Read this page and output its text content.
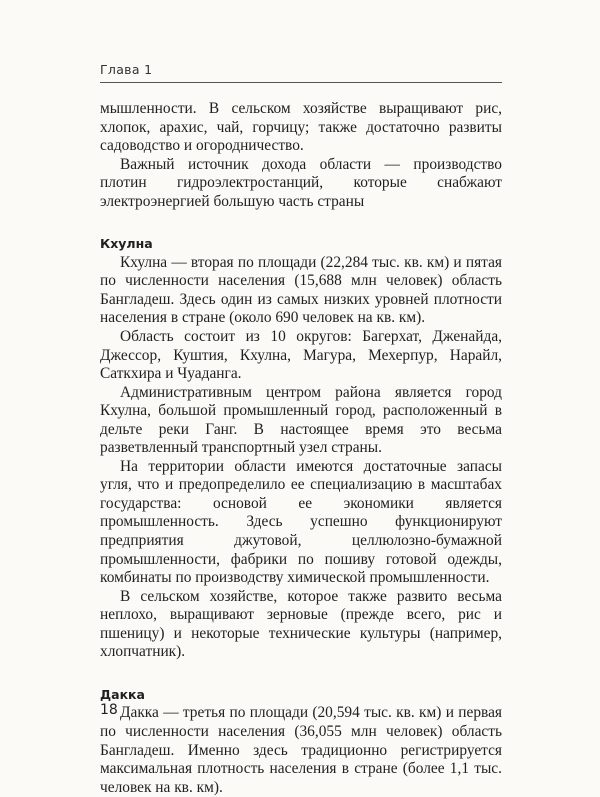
Глава 1

мышленности. В сельском хозяйстве выращивают рис, хлопок, арахис, чай, горчицу; также достаточно развиты садоводство и огородничество.

Важный источник дохода области — производство плотин гидроэлектростанций, которые снабжают электроэнергией большую часть страны

Кхулна

Кхулна — вторая по площади (22,284 тыс. кв. км) и пятая по численности населения (15,688 млн человек) область Бангладеш. Здесь один из самых низких уровней плотности населения в стране (около 690 человек на кв. км).

Область состоит из 10 округов: Багерхат, Дженайда, Джессор, Куштия, Кхулна, Магура, Мехерпур, Нарайл, Саткхира и Чуаданга.

Административным центром района является город Кхулна, большой промышленный город, расположенный в дельте реки Ганг. В настоящее время это весьма разветвленный транспортный узел страны.

На территории области имеются достаточные запасы угля, что и предопределило ее специализацию в масштабах государства: основой ее экономики является промышленность. Здесь успешно функционируют предприятия джутовой, целлюлозно-бумажной промышленности, фабрики по пошиву готовой одежды, комбинаты по производству химической промышленности.

В сельском хозяйстве, которое также развито весьма неплохо, выращивают зерновые (прежде всего, рис и пшеницу) и некоторые технические культуры (например, хлопчатник).

Дакка

Дакка — третья по площади (20,594 тыс. кв. км) и первая по численности населения (36,055 млн человек) область Бангладеш. Именно здесь традиционно регистрируется максимальная плотность населения в стране (более 1,1 тыс. человек на кв. км).

18
